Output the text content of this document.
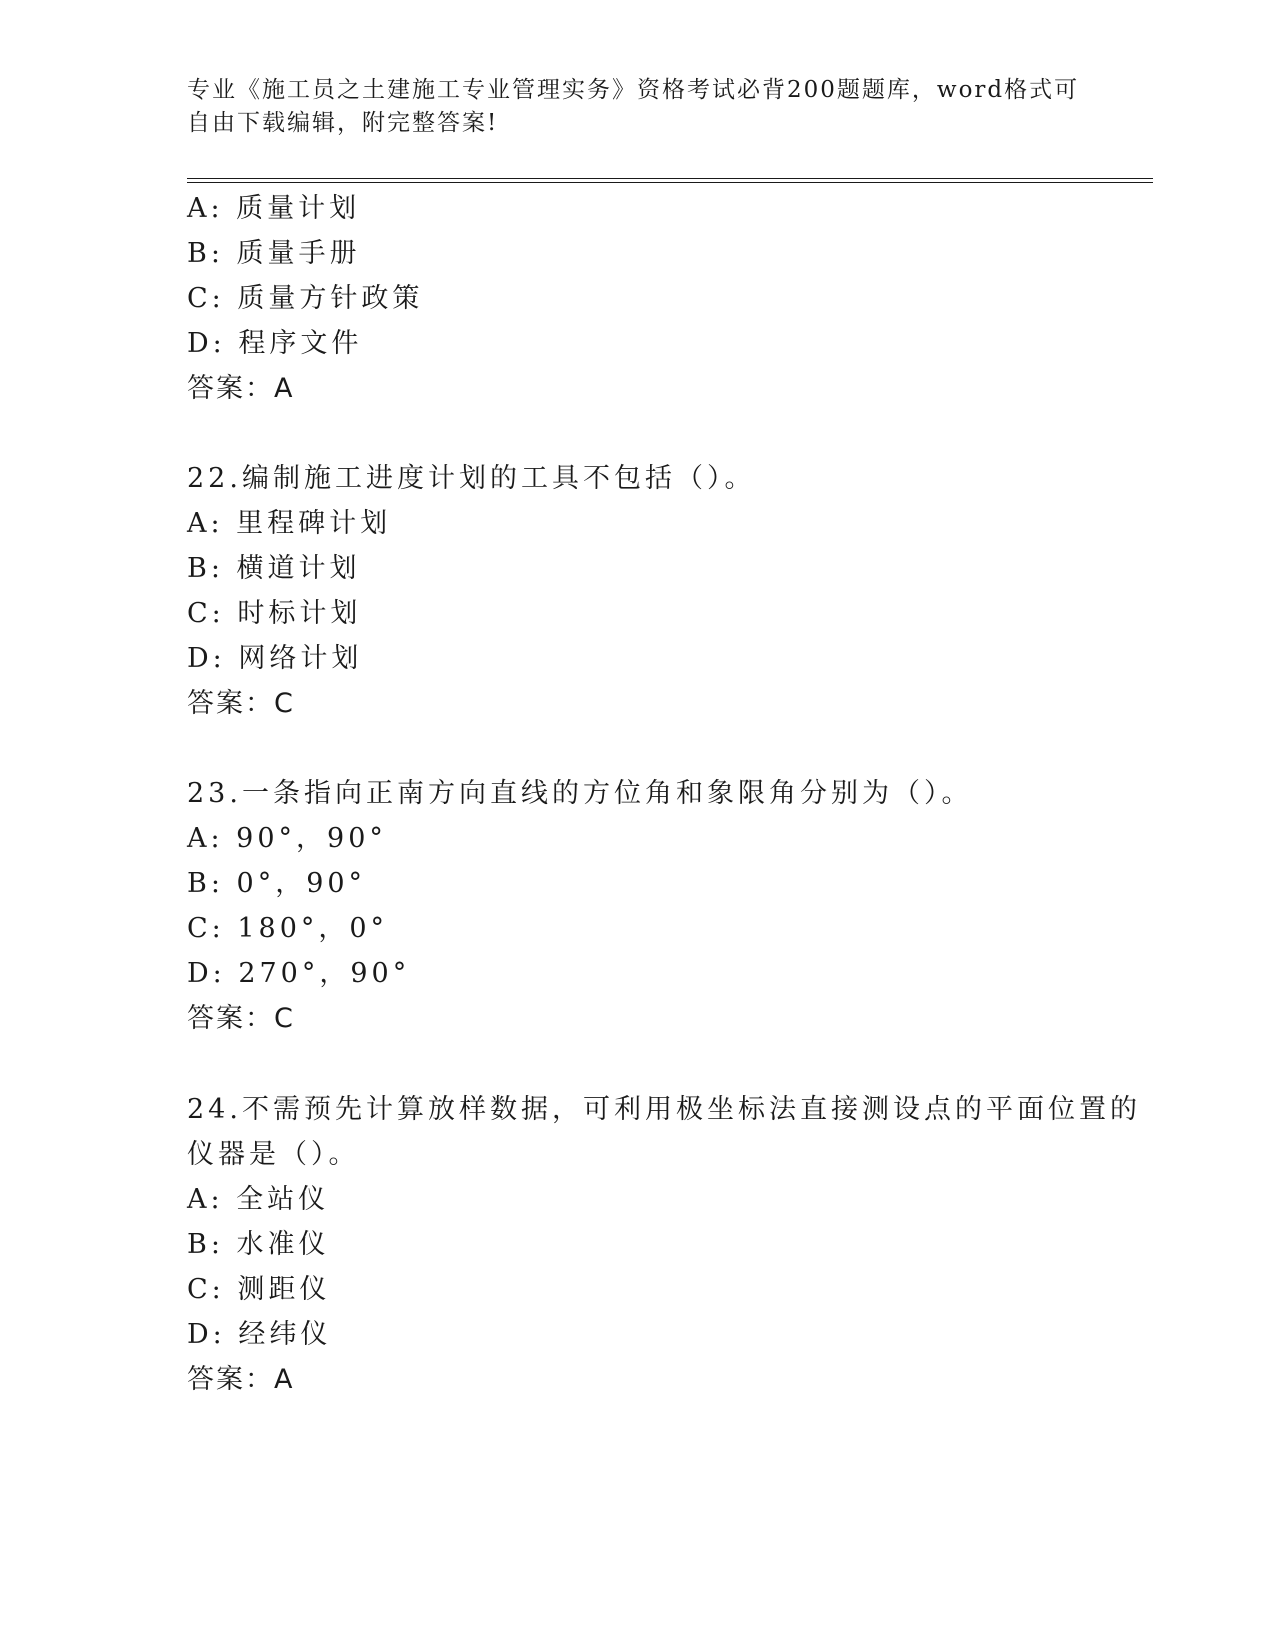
专业《施工员之土建施工专业管理实务》资格考试必背200题题库，word格式可
自由下载编辑，附完整答案!
A: 质量计划
B: 质量手册
C: 质量方针政策
D: 程序文件
答案：A
22.编制施工进度计划的工具不包括（）。
A: 里程碑计划
B: 横道计划
C: 时标计划
D: 网络计划
答案：C
23.一条指向正南方向直线的方位角和象限角分别为（）。
A: 90°，90°
B: 0°，90°
C: 180°，0°
D: 270°，90°
答案：C
24.不需预先计算放样数据，可利用极坐标法直接测设点的平面位置的
仪器是（）。
A: 全站仪
B: 水准仪
C: 测距仪
D: 经纬仪
答案：A
